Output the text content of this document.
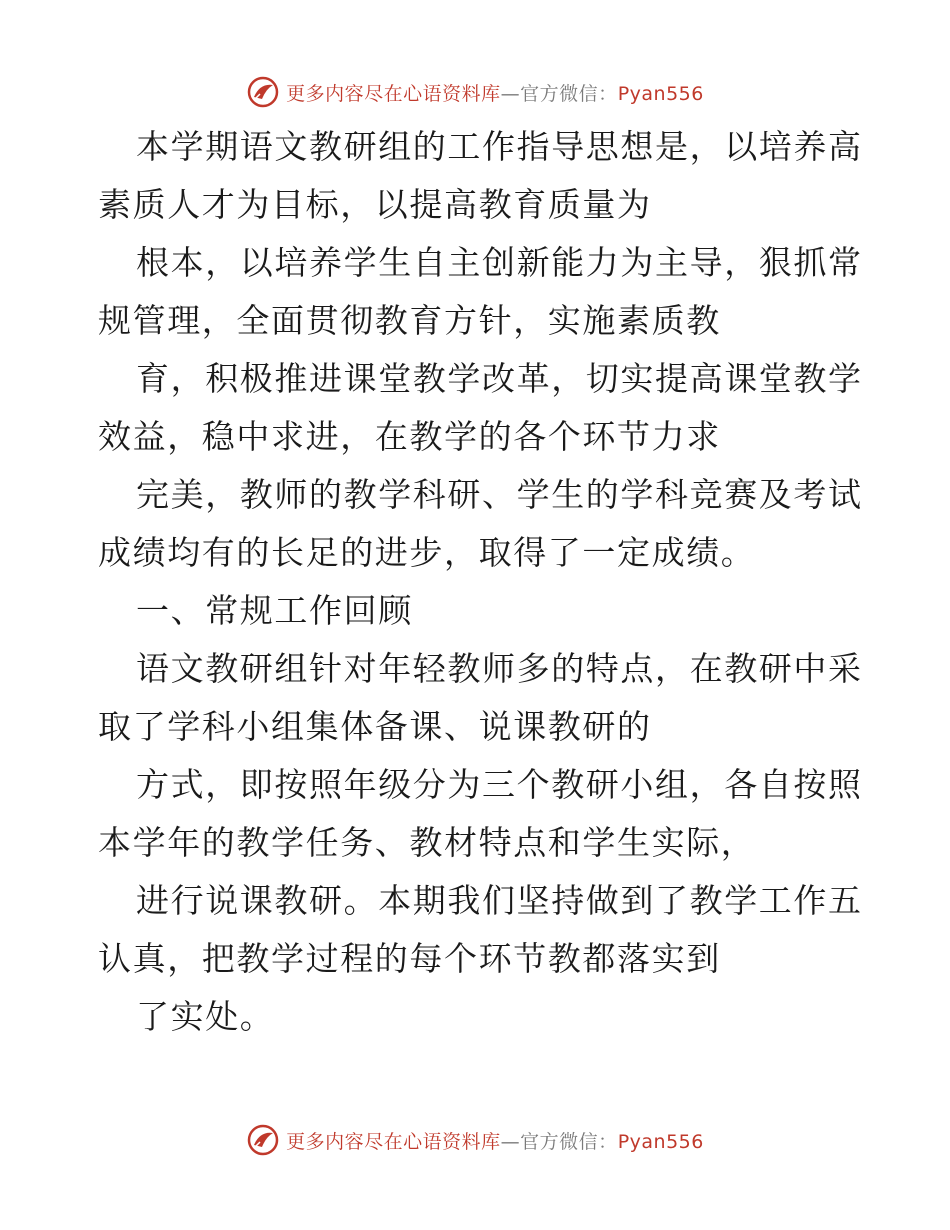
更多内容尽在心语资料库—官方微信：Pyan556
本学期语文教研组的工作指导思想是，以培养高
素质人才为目标，以提高教育质量为
根本，以培养学生自主创新能力为主导，狠抓常
规管理，全面贯彻教育方针，实施素质教
育，积极推进课堂教学改革，切实提高课堂教学
效益，稳中求进，在教学的各个环节力求
完美，教师的教学科研、学生的学科竞赛及考试
成绩均有的长足的进步，取得了一定成绩。
一、常规工作回顾
语文教研组针对年轻教师多的特点，在教研中采
取了学科小组集体备课、说课教研的
方式，即按照年级分为三个教研小组，各自按照
本学年的教学任务、教材特点和学生实际，
进行说课教研。本期我们坚持做到了教学工作五
认真，把教学过程的每个环节教都落实到
了实处。
更多内容尽在心语资料库—官方微信：Pyan556
